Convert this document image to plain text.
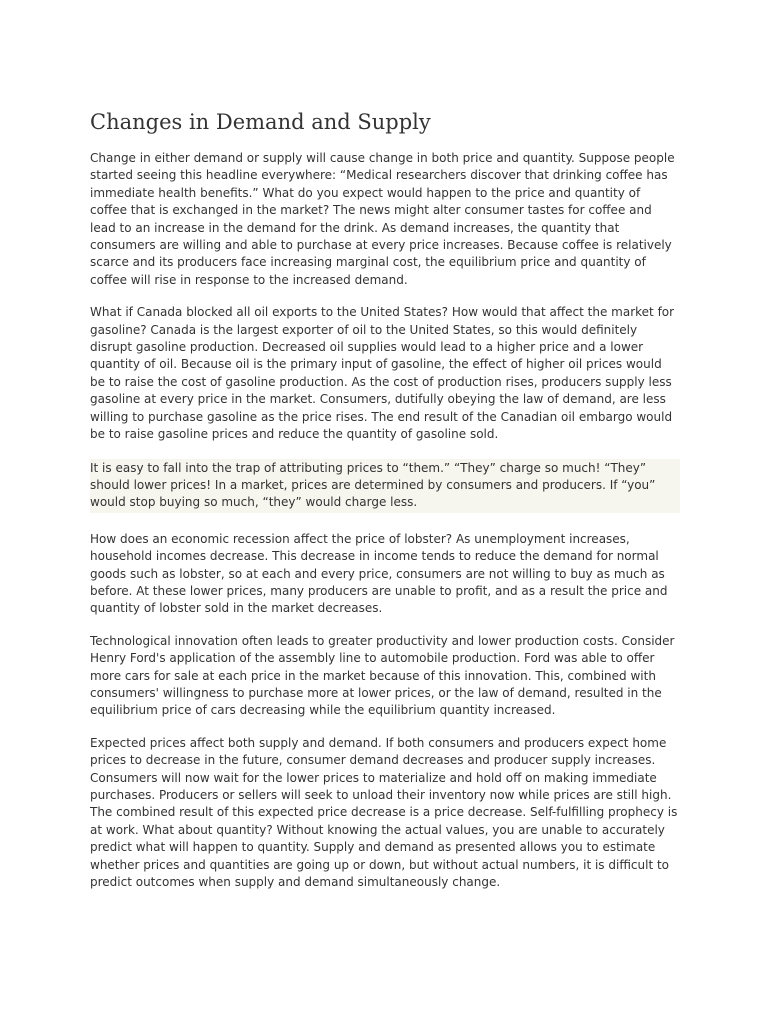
Changes in Demand and Supply

Change in either demand or supply will cause change in both price and quantity. Suppose people started seeing this headline everywhere: “Medical researchers discover that drinking coffee has immediate health benefits.” What do you expect would happen to the price and quantity of coffee that is exchanged in the market? The news might alter consumer tastes for coffee and lead to an increase in the demand for the drink. As demand increases, the quantity that consumers are willing and able to purchase at every price increases. Because coffee is relatively scarce and its producers face increasing marginal cost, the equilibrium price and quantity of coffee will rise in response to the increased demand.

What if Canada blocked all oil exports to the United States? How would that affect the market for gasoline? Canada is the largest exporter of oil to the United States, so this would definitely disrupt gasoline production. Decreased oil supplies would lead to a higher price and a lower quantity of oil. Because oil is the primary input of gasoline, the effect of higher oil prices would be to raise the cost of gasoline production. As the cost of production rises, producers supply less gasoline at every price in the market. Consumers, dutifully obeying the law of demand, are less willing to purchase gasoline as the price rises. The end result of the Canadian oil embargo would be to raise gasoline prices and reduce the quantity of gasoline sold.

It is easy to fall into the trap of attributing prices to “them.” “They” charge so much! “They” should lower prices! In a market, prices are determined by consumers and producers. If “you” would stop buying so much, “they” would charge less.

How does an economic recession affect the price of lobster? As unemployment increases, household incomes decrease. This decrease in income tends to reduce the demand for normal goods such as lobster, so at each and every price, consumers are not willing to buy as much as before. At these lower prices, many producers are unable to profit, and as a result the price and quantity of lobster sold in the market decreases.

Technological innovation often leads to greater productivity and lower production costs. Consider Henry Ford's application of the assembly line to automobile production. Ford was able to offer more cars for sale at each price in the market because of this innovation. This, combined with consumers' willingness to purchase more at lower prices, or the law of demand, resulted in the equilibrium price of cars decreasing while the equilibrium quantity increased.

Expected prices affect both supply and demand. If both consumers and producers expect home prices to decrease in the future, consumer demand decreases and producer supply increases. Consumers will now wait for the lower prices to materialize and hold off on making immediate purchases. Producers or sellers will seek to unload their inventory now while prices are still high. The combined result of this expected price decrease is a price decrease. Self-fulfilling prophecy is at work. What about quantity? Without knowing the actual values, you are unable to accurately predict what will happen to quantity. Supply and demand as presented allows you to estimate whether prices and quantities are going up or down, but without actual numbers, it is difficult to predict outcomes when supply and demand simultaneously change.
